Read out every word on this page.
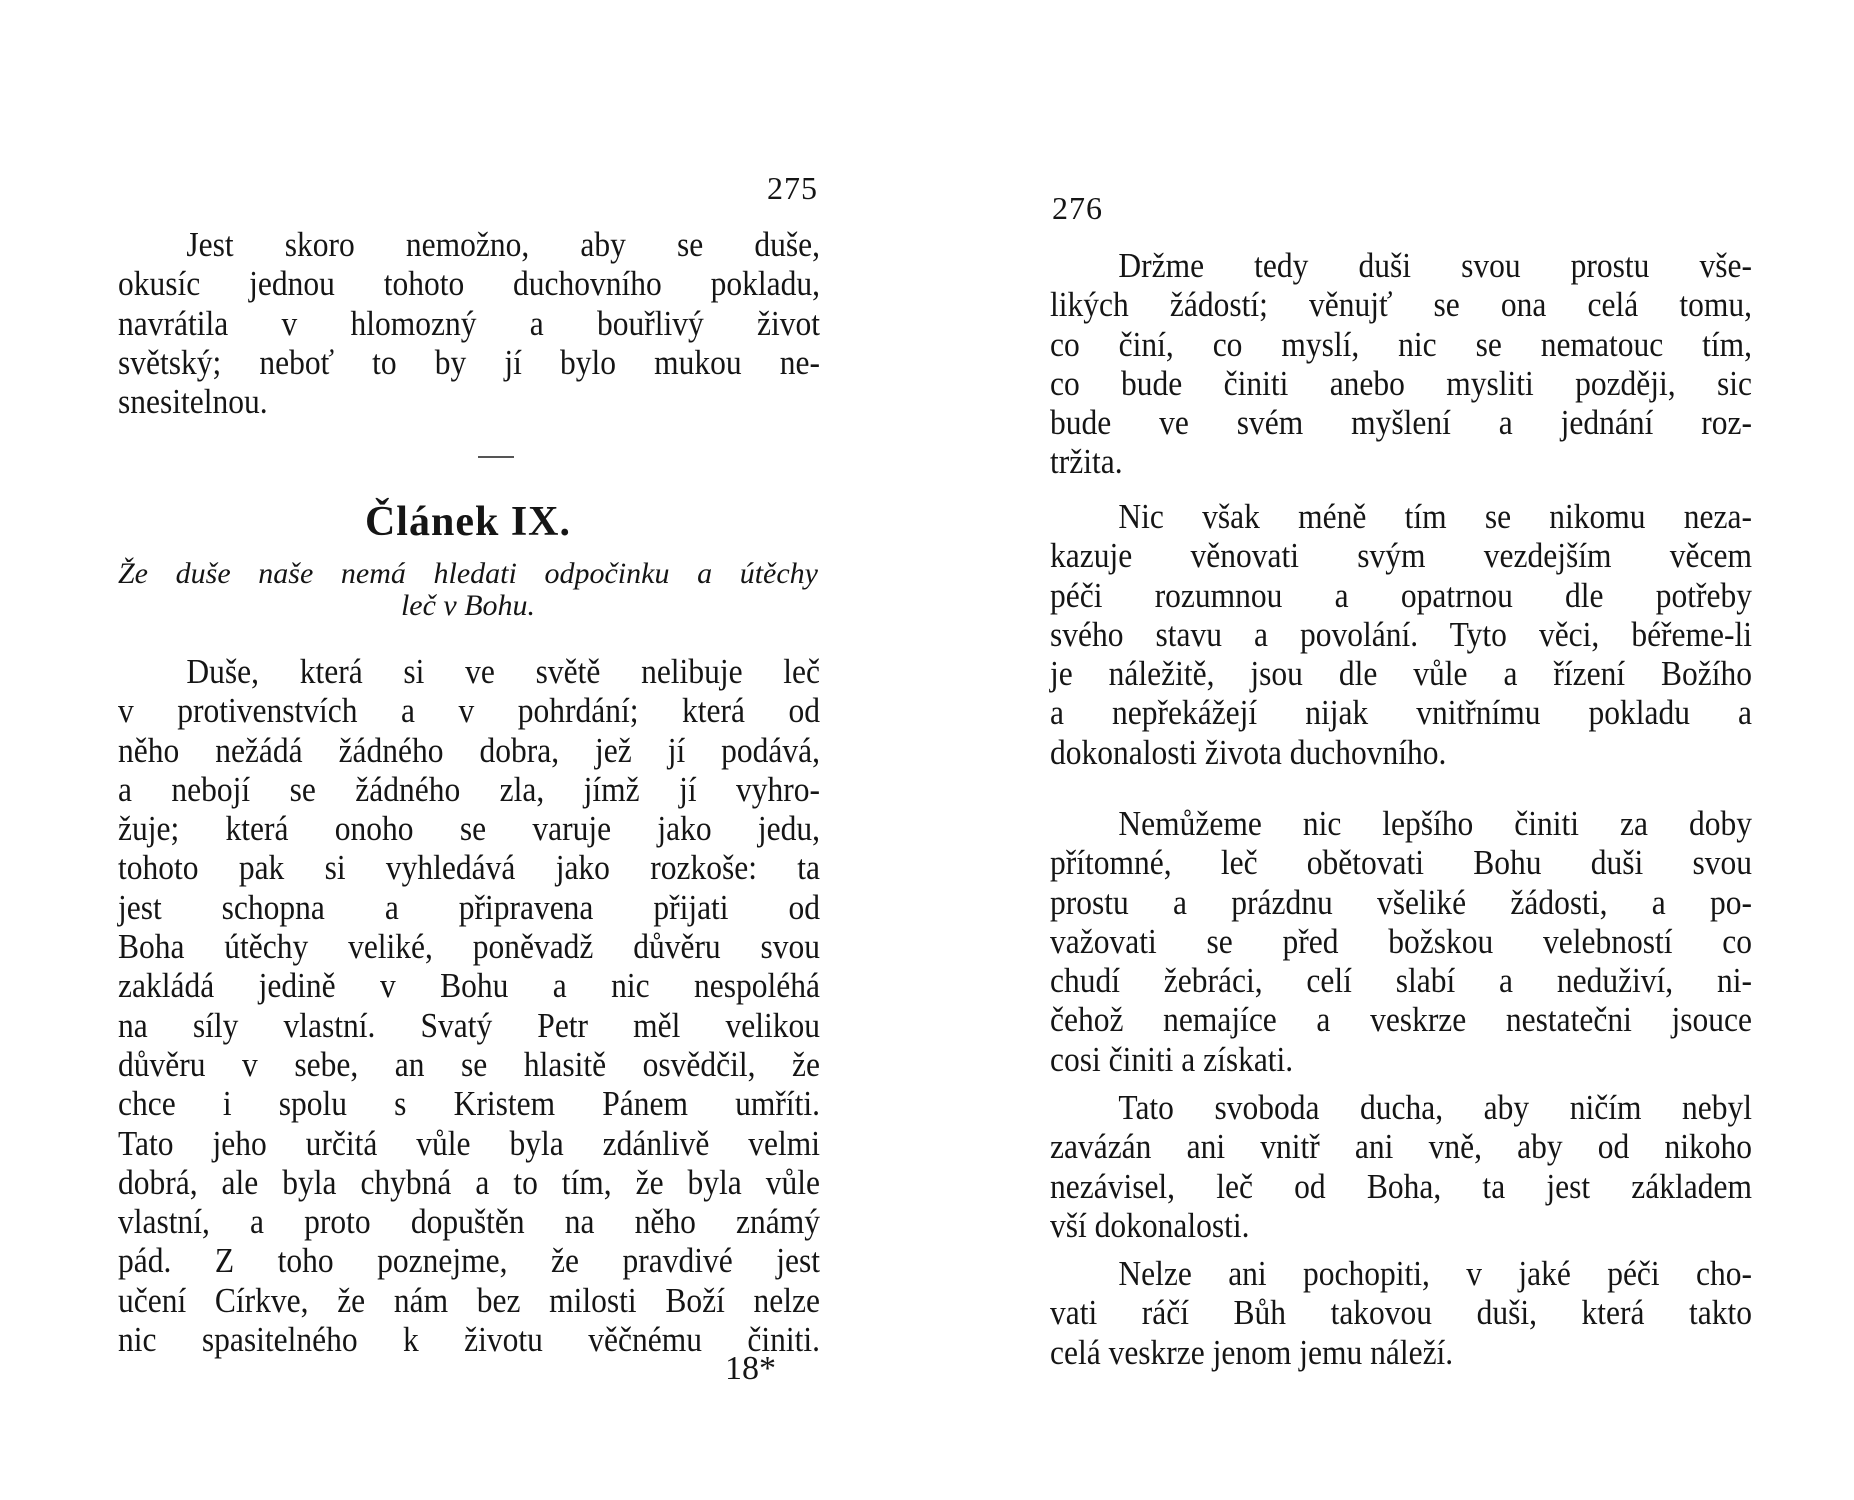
275
Jest skoro nemožno, aby se duše,
okusíc jednou tohoto duchovního pokladu,
navrátila v hlomozný a bouřlivý život
světský; neboť to by jí bylo mukou ne-
snesitelnou.
Článek IX.
Že duše naše nemá hledati odpočinku a útěchy
leč v Bohu.
Duše, která si ve světě nelibuje leč
v protivenstvích a v pohrdání; která od
něho nežádá žádného dobra, jež jí podává,
a nebojí se žádného zla, jímž jí vyhro-
žuje; která onoho se varuje jako jedu,
tohoto pak si vyhledává jako rozkoše: ta
jest schopna a připravena přijati od
Boha útěchy veliké, poněvadž důvěru svou
zakládá jedině v Bohu a nic nespoléhá
na síly vlastní. Svatý Petr měl velikou
důvěru v sebe, an se hlasitě osvědčil, že
chce i spolu s Kristem Pánem umříti.
Tato jeho určitá vůle byla zdánlivě velmi
dobrá, ale byla chybná a to tím, že byla vůle
vlastní, a proto dopuštěn na něho známý
pád. Z toho poznejme, že pravdivé jest
učení Církve, že nám bez milosti Boží nelze
nic spasitelného k životu věčnému činiti.
18*
276
Držme tedy duši svou prostu vše-
likých žádostí; věnujť se ona celá tomu,
co činí, co myslí, nic se nematouc tím,
co bude činiti anebo mysliti později, sic
bude ve svém myšlení a jednání roz-
tržita.
Nic však méně tím se nikomu neza-
kazuje věnovati svým vezdejším věcem
péči rozumnou a opatrnou dle potřeby
svého stavu a povolání. Tyto věci, béřeme-li
je náležitě, jsou dle vůle a řízení Božího
a nepřekážejí nijak vnitřnímu pokladu a
dokonalosti života duchovního.
Nemůžeme nic lepšího činiti za doby
přítomné, leč obětovati Bohu duši svou
prostu a prázdnu všeliké žádosti, a po-
važovati se před božskou velebností co
chudí žebráci, celí slabí a neduživí, ni-
čehož nemajíce a veskrze nestatečni jsouce
cosi činiti a získati.
Tato svoboda ducha, aby ničím nebyl
zavázán ani vnitř ani vně, aby od nikoho
nezávisel, leč od Boha, ta jest základem
vší dokonalosti.
Nelze ani pochopiti, v jaké péči cho-
vati ráčí Bůh takovou duši, která takto
celá veskrze jenom jemu náleží.
